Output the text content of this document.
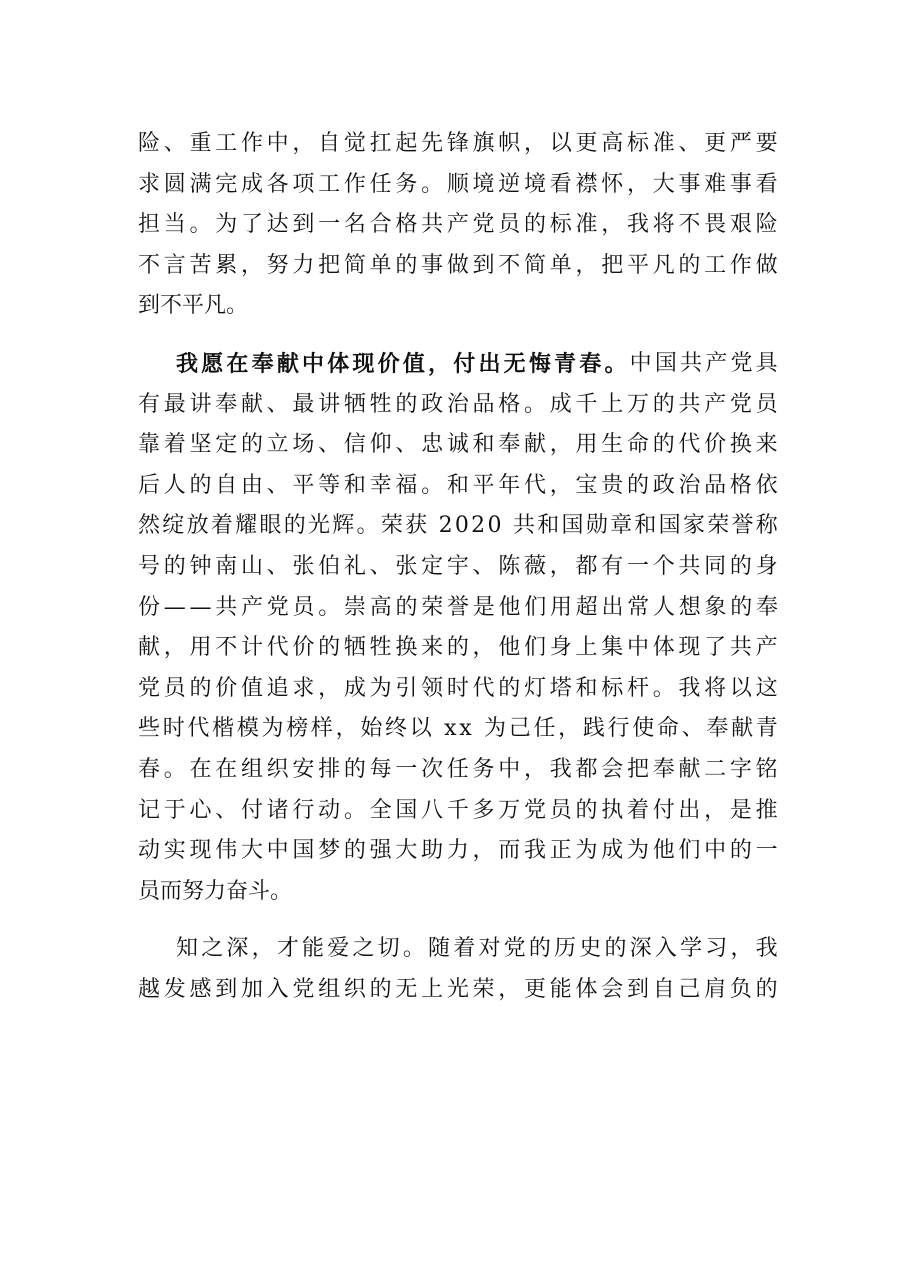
险 、 重 工 作 中 ， 自 觉 扛 起 先 锋 旗 帜 ， 以 更 高 标 准 、 更 严 要
求 圆 满 完 成 各 项 工 作 任 务 。 顺 境 逆 境 看 襟 怀 ， 大 事 难 事 看
担 当 。 为 了 达 到 一 名 合 格 共 产 党 员 的 标 准 ， 我 将 不 畏 艰 险
不 言 苦 累 ， 努 力 把 简 单 的 事 做 到 不 简 单 ， 把 平 凡 的 工 作 做
到不平凡。
我 愿 在 奉 献 中 体 现 价 值 ， 付 出 无 悔 青 春 。 中 国 共 产 党 具
有 最 讲 奉 献 、 最 讲 牺 牲 的 政 治 品 格 。 成 千 上 万 的 共 产 党 员
靠 着 坚 定 的 立 场 、 信 仰 、 忠 诚 和 奉 献 ， 用 生 命 的 代 价 换 来
后 人 的 自 由 、 平 等 和 幸 福 。 和 平 年 代 ， 宝 贵 的 政 治 品 格 依
然 绽 放 着 耀 眼 的 光 辉 。 荣 获
2 0 2 0
共 和 国 勋 章 和 国 家 荣 誉 称
号 的 钟 南 山 、 张 伯 礼 、 张 定 宇 、 陈 薇 ， 都 有 一 个 共 同 的 身
份 — — 共 产 党 员 。 崇 高 的 荣 誉 是 他 们 用 超 出 常 人 想 象 的 奉
献 ， 用 不 计 代 价 的 牺 牲 换 来 的 ， 他 们 身 上 集 中 体 现 了 共 产
党 员 的 价 值 追 求 ， 成 为 引 领 时 代 的 灯 塔 和 标 杆 。 我 将 以 这
些 时 代 楷 模 为 榜 样 ， 始 终 以
x x
为 己 任 ， 践 行 使 命 、 奉 献 青
春 。 在 在 组 织 安 排 的 每 一 次 任 务 中 ， 我 都 会 把 奉 献 二 字 铭
记 于 心 、 付 诸 行 动 。 全 国 八 千 多 万 党 员 的 执 着 付 出 ， 是 推
动 实 现 伟 大 中 国 梦 的 强 大 助 力 ， 而 我 正 为 成 为 他 们 中 的 一
员而努力奋斗。
知 之 深 ， 才 能 爱 之 切 。 随 着 对 党 的 历 史 的 深 入 学 习 ， 我
越 发 感 到 加 入 党 组 织 的 无 上 光 荣 ， 更 能 体 会 到 自 己 肩 负 的
